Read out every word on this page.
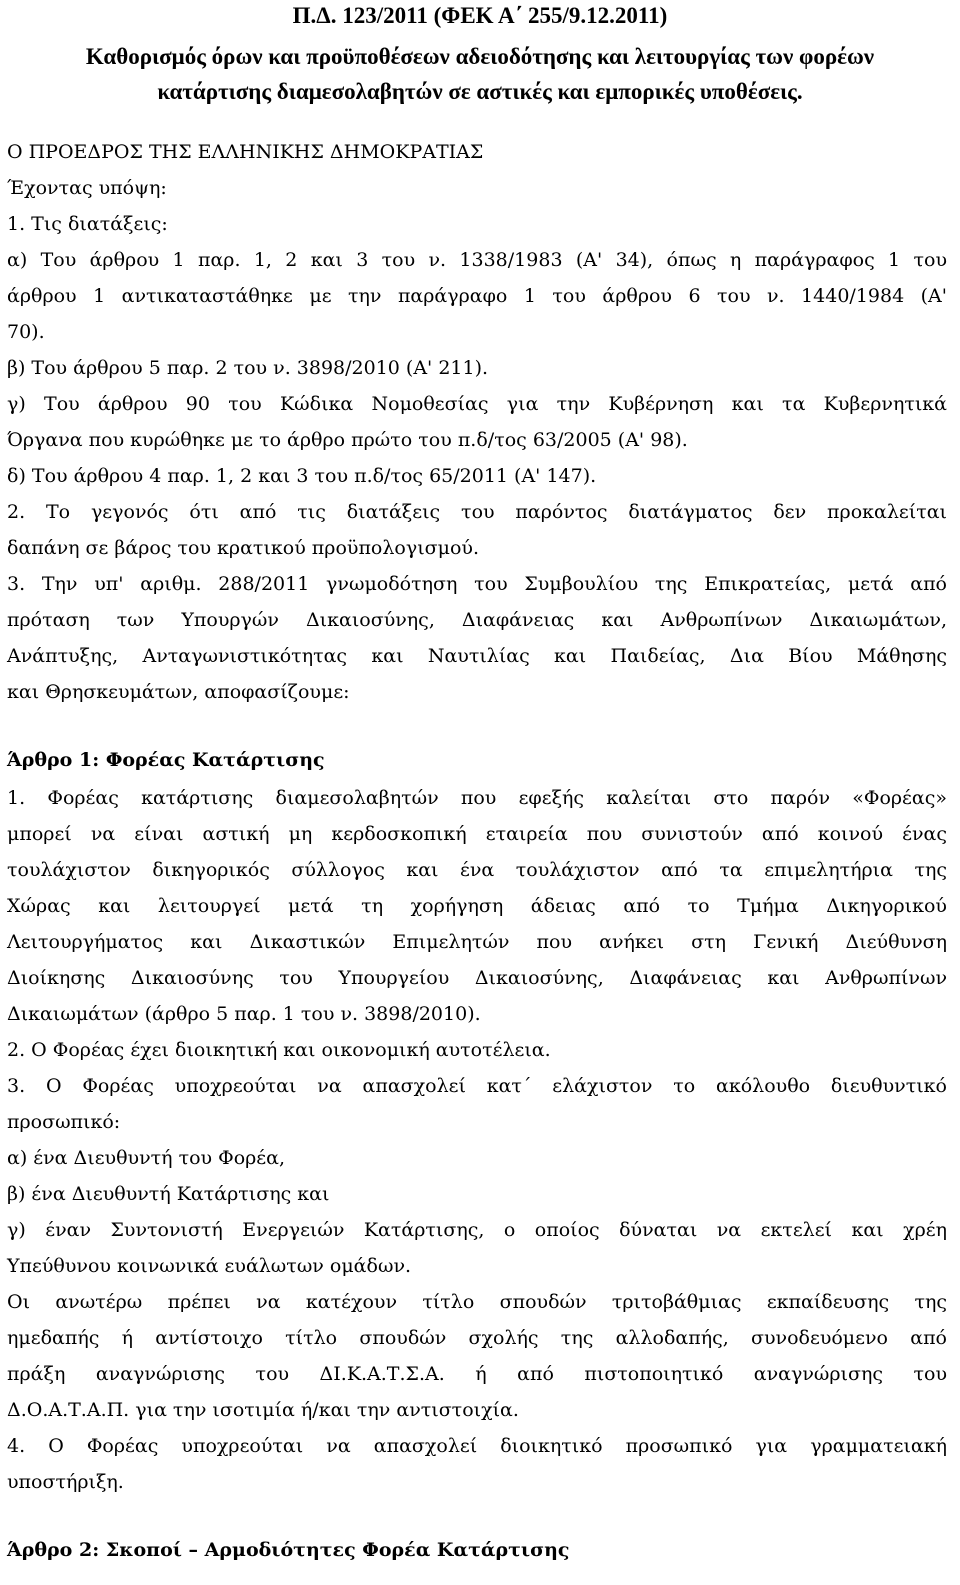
Π.Δ. 123/2011 (ΦΕΚ Α΄ 255/9.12.2011)
Καθορισμός όρων και προϋποθέσεων αδειοδότησης και λειτουργίας των φορέων
κατάρτισης διαμεσολαβητών σε αστικές και εμπορικές υποθέσεις.
Ο ΠΡΟΕΔΡΟΣ ΤΗΣ ΕΛΛΗΝΙΚΗΣ ΔΗΜΟΚΡΑΤΙΑΣ
Έχοντας υπόψη:
1. Τις διατάξεις:
α) Του άρθρου 1 παρ. 1, 2 και 3 του ν. 1338/1983 (Α' 34), όπως η παράγραφος 1 του
άρθρου 1 αντικαταστάθηκε με την παράγραφο 1 του άρθρου 6 του ν. 1440/1984 (Α'
70).
β) Του άρθρου 5 παρ. 2 του ν. 3898/2010 (Α' 211).
γ) Του άρθρου 90 του Κώδικα Νομοθεσίας για την Κυβέρνηση και τα Κυβερνητικά
Όργανα που κυρώθηκε με το άρθρο πρώτο του π.δ/τος 63/2005 (Α' 98).
δ) Του άρθρου 4 παρ. 1, 2 και 3 του π.δ/τος 65/2011 (Α' 147).
2. Το γεγονός ότι από τις διατάξεις του παρόντος διατάγματος δεν προκαλείται
δαπάνη σε βάρος του κρατικού προϋπολογισμού.
3. Την υπ' αριθμ. 288/2011 γνωμοδότηση του Συμβουλίου της Επικρατείας, μετά από
πρόταση των Υπουργών Δικαιοσύνης, Διαφάνειας και Ανθρωπίνων Δικαιωμάτων,
Ανάπτυξης, Ανταγωνιστικότητας και Ναυτιλίας και Παιδείας, Δια Βίου Μάθησης
και Θρησκευμάτων, αποφασίζουμε:
Άρθρο 1: Φορέας Κατάρτισης
1. Φορέας κατάρτισης διαμεσολαβητών που εφεξής καλείται στο παρόν «Φορέας»
μπορεί να είναι αστική μη κερδοσκοπική εταιρεία που συνιστούν από κοινού ένας
τουλάχιστον δικηγορικός σύλλογος και ένα τουλάχιστον από τα επιμελητήρια της
Χώρας και λειτουργεί μετά τη χορήγηση άδειας από το Τμήμα Δικηγορικού
Λειτουργήματος και Δικαστικών Επιμελητών που ανήκει στη Γενική Διεύθυνση
Διοίκησης Δικαιοσύνης του Υπουργείου Δικαιοσύνης, Διαφάνειας και Ανθρωπίνων
Δικαιωμάτων (άρθρο 5 παρ. 1 του ν. 3898/2010).
2. Ο Φορέας έχει διοικητική και οικονομική αυτοτέλεια.
3. Ο Φορέας υποχρεούται να απασχολεί κατ΄ ελάχιστον το ακόλουθο διευθυντικό
προσωπικό:
α) ένα Διευθυντή του Φορέα,
β) ένα Διευθυντή Κατάρτισης και
γ) έναν Συντονιστή Ενεργειών Κατάρτισης, ο οποίος δύναται να εκτελεί και χρέη
Υπεύθυνου κοινωνικά ευάλωτων ομάδων.
Οι ανωτέρω πρέπει να κατέχουν τίτλο σπουδών τριτοβάθμιας εκπαίδευσης της
ημεδαπής ή αντίστοιχο τίτλο σπουδών σχολής της αλλοδαπής, συνοδευόμενο από
πράξη αναγνώρισης του ΔΙ.Κ.Α.Τ.Σ.Α. ή από πιστοποιητικό αναγνώρισης του
Δ.Ο.Α.Τ.Α.Π. για την ισοτιμία ή/και την αντιστοιχία.
4. Ο Φορέας υποχρεούται να απασχολεί διοικητικό προσωπικό για γραμματειακή
υποστήριξη.
Άρθρο 2: Σκοποί – Αρμοδιότητες Φορέα Κατάρτισης
